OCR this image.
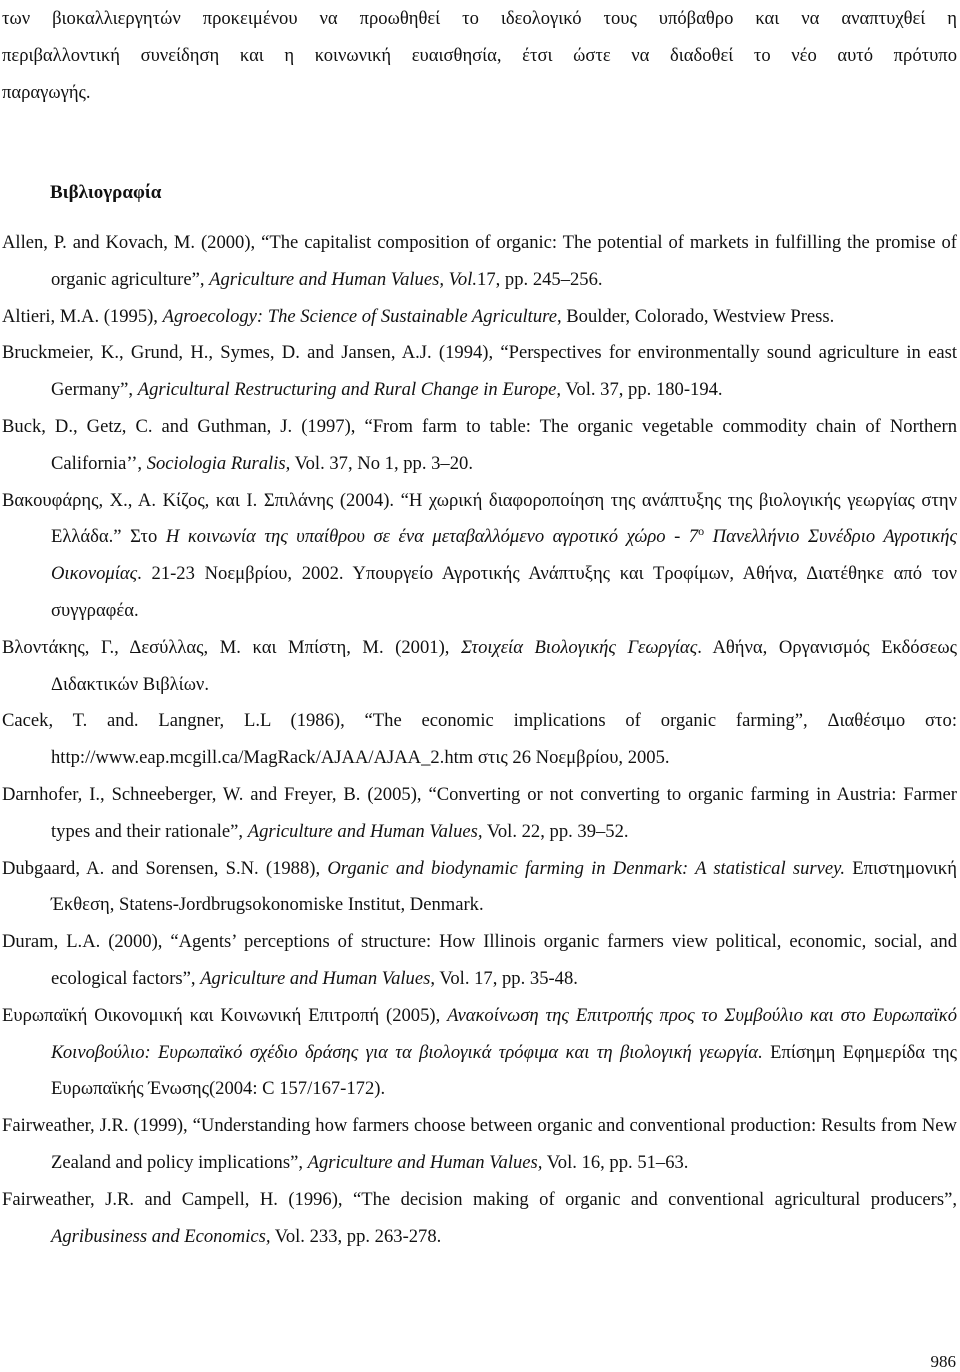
των βιοκαλλιεργητών προκειμένου να προωθηθεί το ιδεολογικό τους υπόβαθρο και να αναπτυχθεί η
περιβαλλοντική συνείδηση και η κοινωνική ευαισθησία, έτσι ώστε να διαδοθεί το νέο αυτό πρότυπο
παραγωγής.
Βιβλιογραφία
Allen, P. and Kovach, M. (2000), “The capitalist composition of organic: The potential of markets in fulfilling the promise of organic agriculture”, Agriculture and Human Values, Vol.17, pp. 245–256.
Altieri, M.A. (1995), Agroecology: The Science of Sustainable Agriculture, Boulder, Colorado, Westview Press.
Bruckmeier, K., Grund, H., Symes, D. and Jansen, A.J. (1994), “Perspectives for environmentally sound agriculture in east Germany”, Agricultural Restructuring and Rural Change in Europe, Vol. 37, pp. 180-194.
Buck, D., Getz, C. and Guthman, J. (1997), “From farm to table: The organic vegetable commodity chain of Northern California’’, Sociologia Ruralis, Vol. 37, No 1, pp. 3–20.
Βακουφάρης, Χ., Α. Κίζος, και Ι. Σπιλάνης (2004). “Η χωρική διαφοροποίηση της ανάπτυξης της βιολογικής γεωργίας στην Ελλάδα.” Στο Η κοινωνία της υπαίθρου σε ένα μεταβαλλόμενο αγροτικό χώρο - $7^o$ Πανελλήνιο Συνέδριο Αγροτικής Οικονομίας. 21-23 Νοεμβρίου, 2002. Υπουργείο Αγροτικής Ανάπτυξης και Τροφίμων, Αθήνα, Διατέθηκε από τον συγγραφέα.
Βλοντάκης, Γ., Δεσύλλας, Μ. και Μπίστη, Μ. (2001), Στοιχεία Βιολογικής Γεωργίας. Αθήνα, Οργανισμός Εκδόσεως Διδακτικών Βιβλίων.
Cacek, T. and. Langner, L.L (1986), “The economic implications of organic farming”, Διαθέσιμο στο: http://www.eap.mcgill.ca/MagRack/AJAA/AJAA_2.htm στις 26 Νοεμβρίου, 2005.
Darnhofer, I., Schneeberger, W. and Freyer, B. (2005), “Converting or not converting to organic farming in Austria: Farmer types and their rationale”, Agriculture and Human Values, Vol. 22, pp. 39–52.
Dubgaard, A. and Sorensen, S.N. (1988), Organic and biodynamic farming in Denmark: A statistical survey. Επιστημονική Έκθεση, Statens-Jordbrugsokonomiske Institut, Denmark.
Duram, L.A. (2000), “Agents’ perceptions of structure: How Illinois organic farmers view political, economic, social, and ecological factors”, Agriculture and Human Values, Vol. 17, pp. 35-48.
Ευρωπαϊκή Οικονομική και Κοινωνική Επιτροπή (2005), Ανακοίνωση της Επιτροπής προς το Συμβούλιο και στο Ευρωπαϊκό Κοινοβούλιο: Ευρωπαϊκό σχέδιο δράσης για τα βιολογικά τρόφιμα και τη βιολογική γεωργία. Επίσημη Εφημερίδα της Ευρωπαϊκής Ένωσης(2004: C 157/167-172).
Fairweather, J.R. (1999), “Understanding how farmers choose between organic and conventional production: Results from New Zealand and policy implications”, Agriculture and Human Values, Vol. 16, pp. 51–63.
Fairweather, J.R. and Campell, H. (1996), “The decision making of organic and conventional agricultural producers”, Agribusiness and Economics, Vol. 233, pp. 263-278.
986
